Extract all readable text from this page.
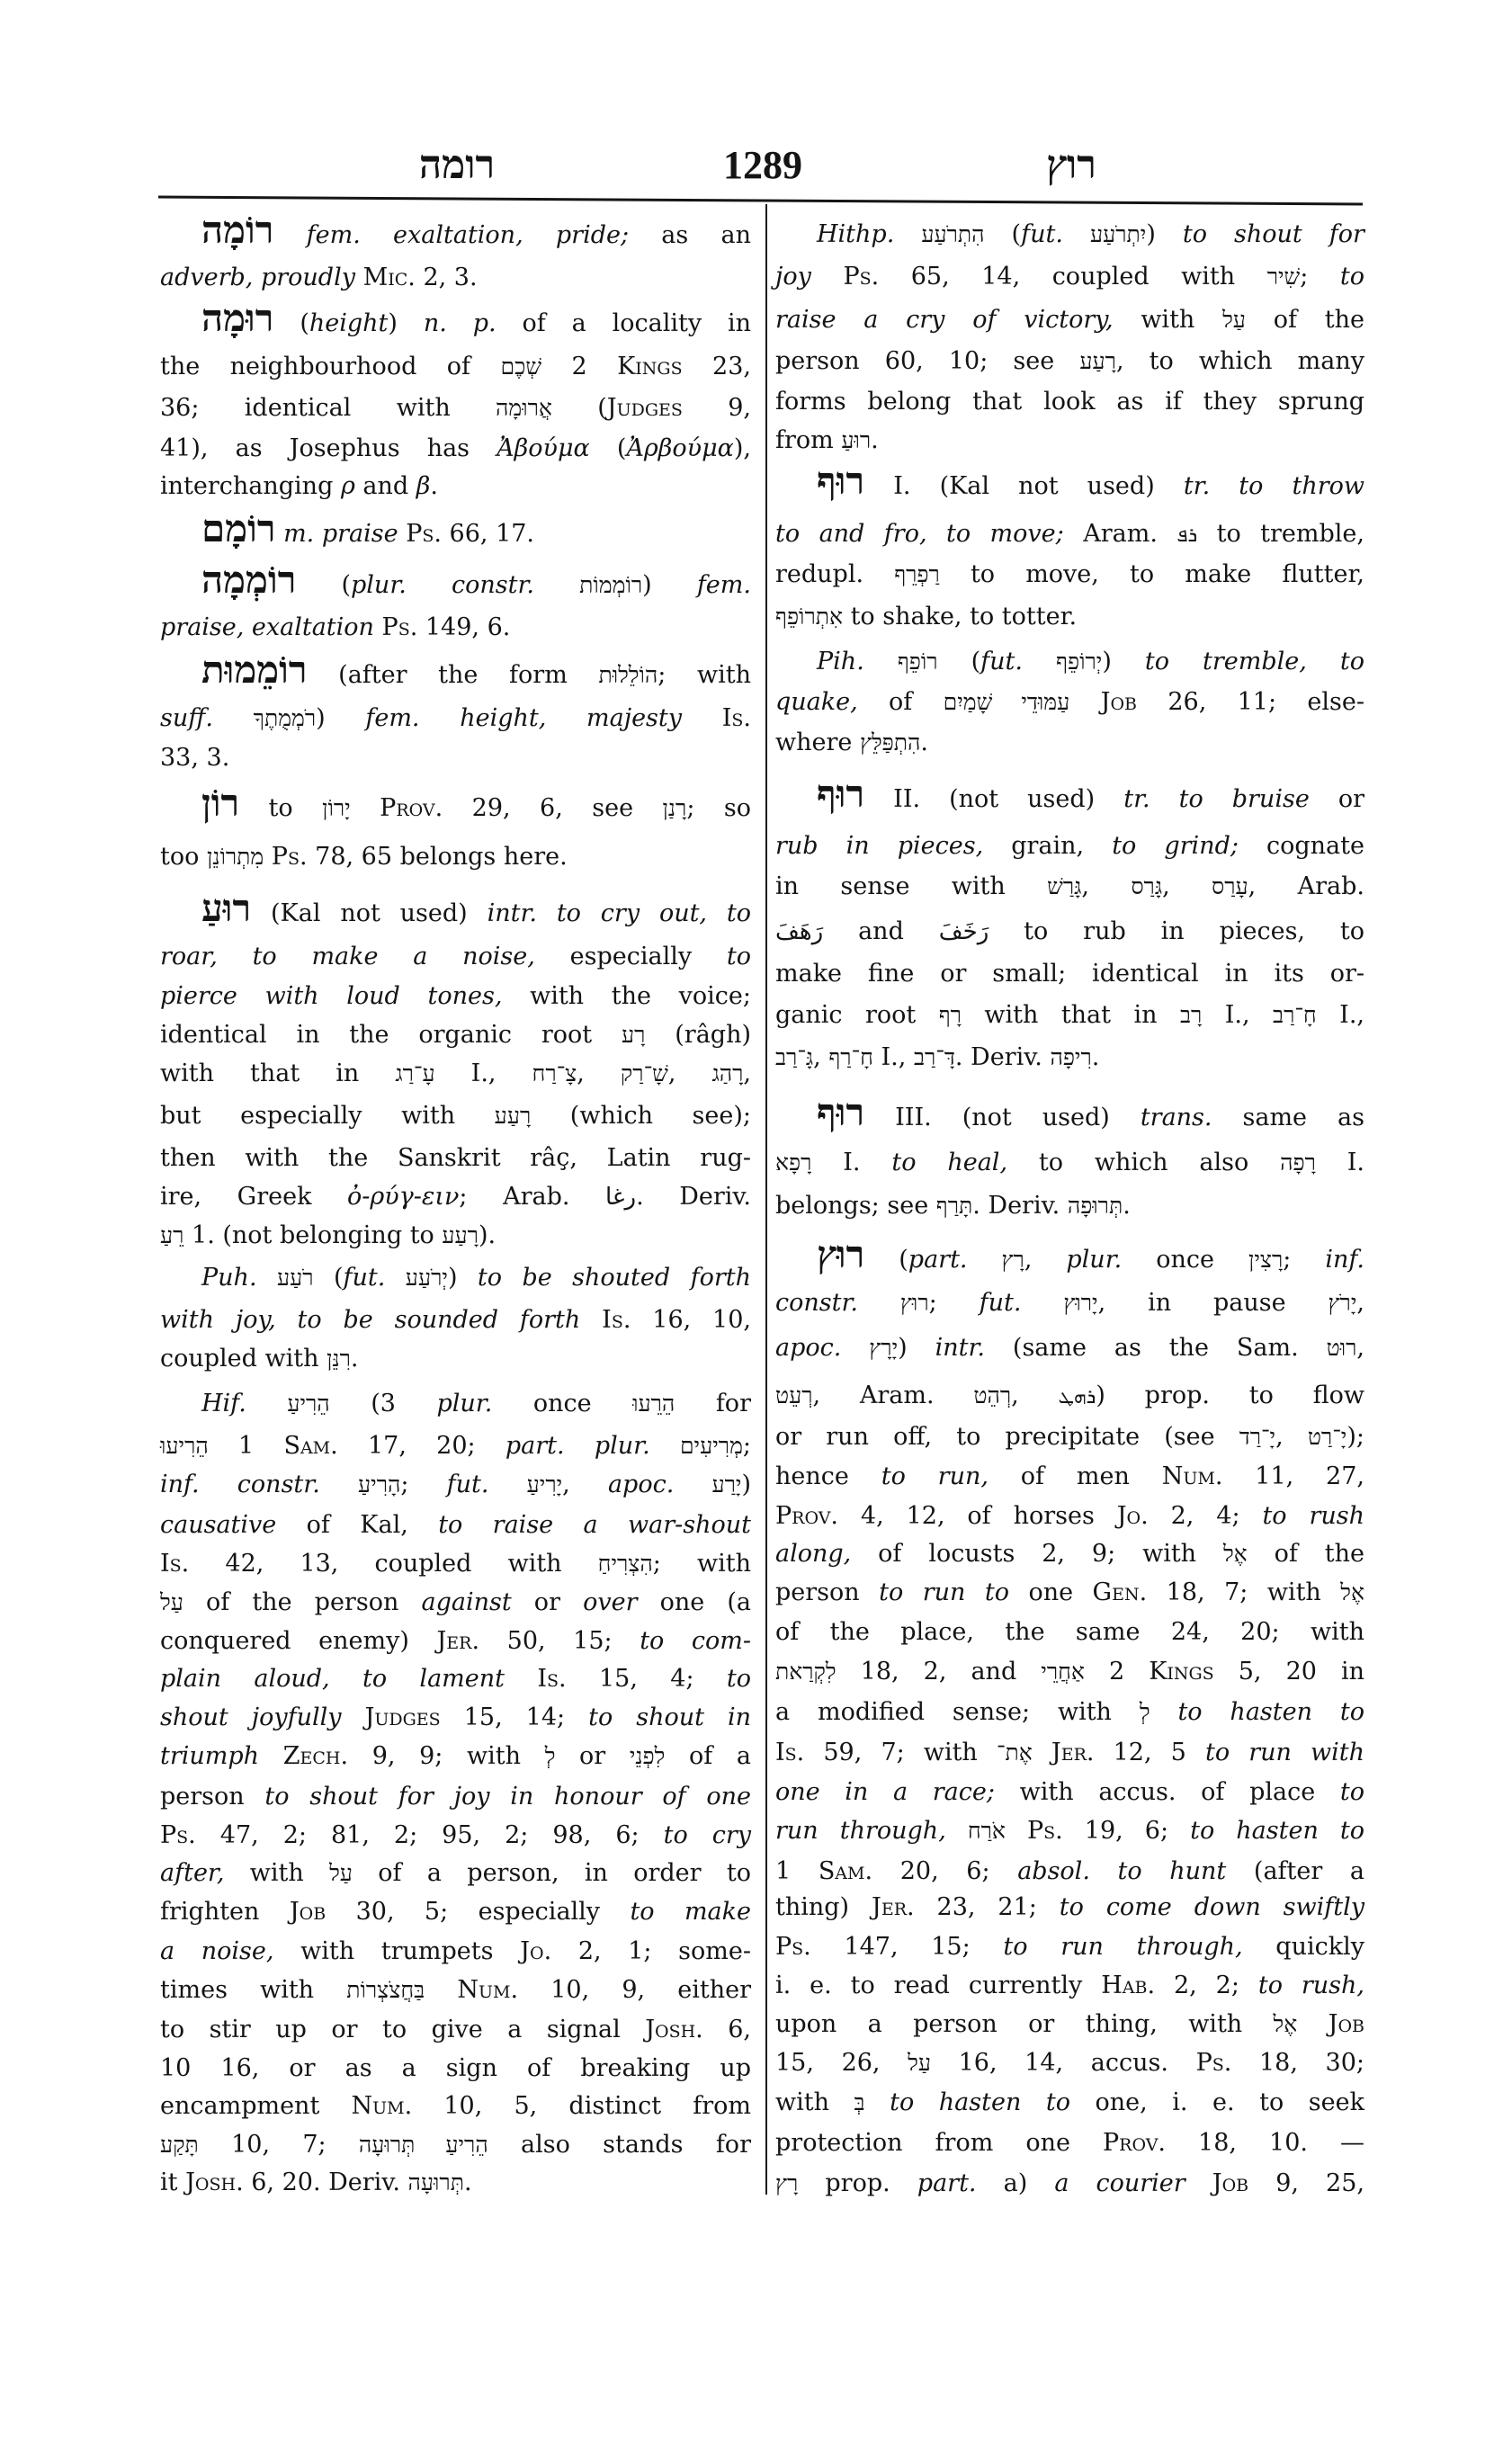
רומה	1289	רוץ
רוֹמָה fem. exaltation, pride; as an
adverb, proudly Mic. 2, 3.
רוּמָה (height) n. p. of a locality in
the neighbourhood of שְׁכֶם 2 Kings 23,
36; identical with אֲרוּמָה (Judges 9,
41), as Josephus has Ἀβούμα (Ἀρβούμα),
interchanging ρ and β.
רוֹמָם m. praise Ps. 66, 17.
רוֹמְמָה (plur. constr. רוֹמְמוֹת) fem.
praise, exaltation Ps. 149, 6.
רוֹמֵמוּת (after the form הוֹלֵלוּת; with
suff. רֹמְמֻתֶךָ) fem. height, majesty Is.
33, 3.
רוֹן to יָרוֹן Prov. 29, 6, see רָנַן; so
too מִתְרוֹנֵן Ps. 78, 65 belongs here.
רוּעַ (Kal not used) intr. to cry out, to
roar, to make a noise, especially to
pierce with loud tones, with the voice;
identical in the organic root רָע (râgh)
with that in עָ־רַג I., צָ־רַח, שָׁ־רַק, רָהַג,
but especially with רָעַע (which see);
then with the Sanskrit râç, Latin rug-
ire, Greek ὀ-ρύγ-ειν; Arab. رغا. Deriv.
רֵעַ 1. (not belonging to רָעַע).
Puh. רֹעַע (fut. יְרֹעַע) to be shouted forth
with joy, to be sounded forth Is. 16, 10,
coupled with רִנֵּן.
Hif. הֵרִיעַ (3 plur. once הֵרֵעוּ for
הֵרִיעוּ 1 Sam. 17, 20; part. plur. מְרִיעִים;
inf. constr. הָרִיעַ; fut. יָרִיעַ, apoc. יָרַע)
causative of Kal, to raise a war-shout
Is. 42, 13, coupled with הִצְרִיחַ; with
עַל of the person against or over one (a
conquered enemy) Jer. 50, 15; to com-
plain aloud, to lament Is. 15, 4; to
shout joyfully Judges 15, 14; to shout in
triumph Zech. 9, 9; with לְ or לִפְנֵי of a
person to shout for joy in honour of one
Ps. 47, 2; 81, 2; 95, 2; 98, 6; to cry
after, with עַל of a person, in order to
frighten Job 30, 5; especially to make
a noise, with trumpets Jo. 2, 1; some-
times with בַּחֲצֹצְרוֹת Num. 10, 9, either
to stir up or to give a signal Josh. 6,
10 16, or as a sign of breaking up
encampment Num. 10, 5, distinct from
תָּקַע 10, 7; הֵרִיעַ תְּרוּעָה also stands for
it Josh. 6, 20. Deriv. תְּרוּעָה.
Hithp. הִתְרֹעַע (fut. יִתְרֹעַע) to shout for
joy Ps. 65, 14, coupled with שִׁיר; to
raise a cry of victory, with עַל of the
person 60, 10; see רָעַע, to which many
forms belong that look as if they sprung
from רוּעַ.
רוּף I. (Kal not used) tr. to throw
to and fro, to move; Aram. ܪܦ to tremble,
redupl. רַפְרֵף to move, to make flutter,
אִתְרוֹפֵף to shake, to totter.
Pih. רוֹפֵף (fut. יְרוֹפֵף) to tremble, to
quake, of עַמּוּדֵי שָׁמַיִם Job 26, 11; else-
where הִתְפַּלֵּץ.
רוּף II. (not used) tr. to bruise or
rub in pieces, grain, to grind; cognate
in sense with גָּרַשׁ, גָּרַס, עָרַס, Arab.
رَهَفَ and رَخَفَ to rub in pieces, to
make fine or small; identical in its or-
ganic root רָף with that in רָב I., חָ־רַב I.,
גָּ־רַב, חָ־רַף I., דָּ־רַב. Deriv. רִיפָה.
רוּף III. (not used) trans. same as
רָפָא I. to heal, to which also רָפָה I.
belongs; see תָּרַף. Deriv. תְּרוּפָה.
רוּץ (part. רָץ, plur. once רָצִין; inf.
constr. רוּץ; fut. יָרוּץ, in pause יָרֹץ,
apoc. יָרָץ) intr. (same as the Sam. רוּט,
רְעֵט, Aram. רְהֵט, ܪܗܛ) prop. to flow
or run off, to precipitate (see יָ־רַד, יָ־רַט);
hence to run, of men Num. 11, 27,
Prov. 4, 12, of horses Jo. 2, 4; to rush
along, of locusts 2, 9; with אֶל of the
person to run to one Gen. 18, 7; with אֶל
of the place, the same 24, 20; with
לִקְרַאת 18, 2, and אַחֲרֵי 2 Kings 5, 20 in
a modified sense; with לְ to hasten to
Is. 59, 7; with אֶת־ Jer. 12, 5 to run with
one in a race; with accus. of place to
run through, אֹרַח Ps. 19, 6; to hasten to
1 Sam. 20, 6; absol. to hunt (after a
thing) Jer. 23, 21; to come down swiftly
Ps. 147, 15; to run through, quickly
i. e. to read currently Hab. 2, 2; to rush,
upon a person or thing, with אֶל Job
15, 26, עַל 16, 14, accus. Ps. 18, 30;
with בְּ to hasten to one, i. e. to seek
protection from one Prov. 18, 10. —
רָץ prop. part. a) a courier Job 9, 25,
